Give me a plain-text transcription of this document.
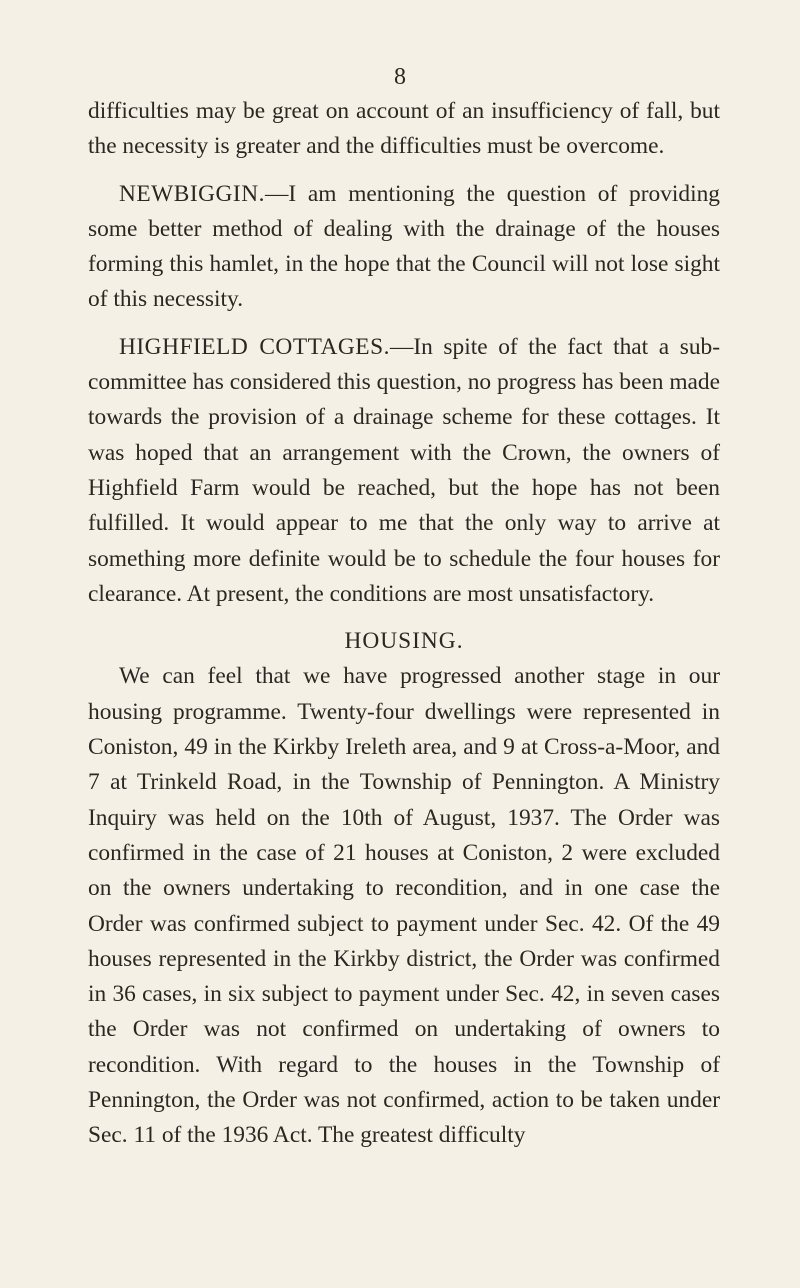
8

difficulties may be great on account of an insufficiency of fall, but the necessity is greater and the difficulties must be overcome.

NEWBIGGIN.—I am mentioning the question of providing some better method of dealing with the drainage of the houses forming this hamlet, in the hope that the Council will not lose sight of this necessity.

HIGHFIELD COTTAGES.—In spite of the fact that a sub-committee has considered this question, no progress has been made towards the provision of a drainage scheme for these cottages. It was hoped that an arrangement with the Crown, the owners of Highfield Farm would be reached, but the hope has not been fulfilled. It would appear to me that the only way to arrive at something more definite would be to schedule the four houses for clearance. At present, the conditions are most unsatisfactory.

HOUSING.

We can feel that we have progressed another stage in our housing programme. Twenty-four dwellings were represented in Coniston, 49 in the Kirkby Ireleth area, and 9 at Cross-a-Moor, and 7 at Trinkeld Road, in the Township of Pennington. A Ministry Inquiry was held on the 10th of August, 1937. The Order was confirmed in the case of 21 houses at Coniston, 2 were excluded on the owners undertaking to recondition, and in one case the Order was confirmed subject to payment under Sec. 42. Of the 49 houses represented in the Kirkby district, the Order was confirmed in 36 cases, in six subject to payment under Sec. 42, in seven cases the Order was not confirmed on undertaking of owners to recondition. With regard to the houses in the Township of Pennington, the Order was not confirmed, action to be taken under Sec. 11 of the 1936 Act. The greatest difficulty
